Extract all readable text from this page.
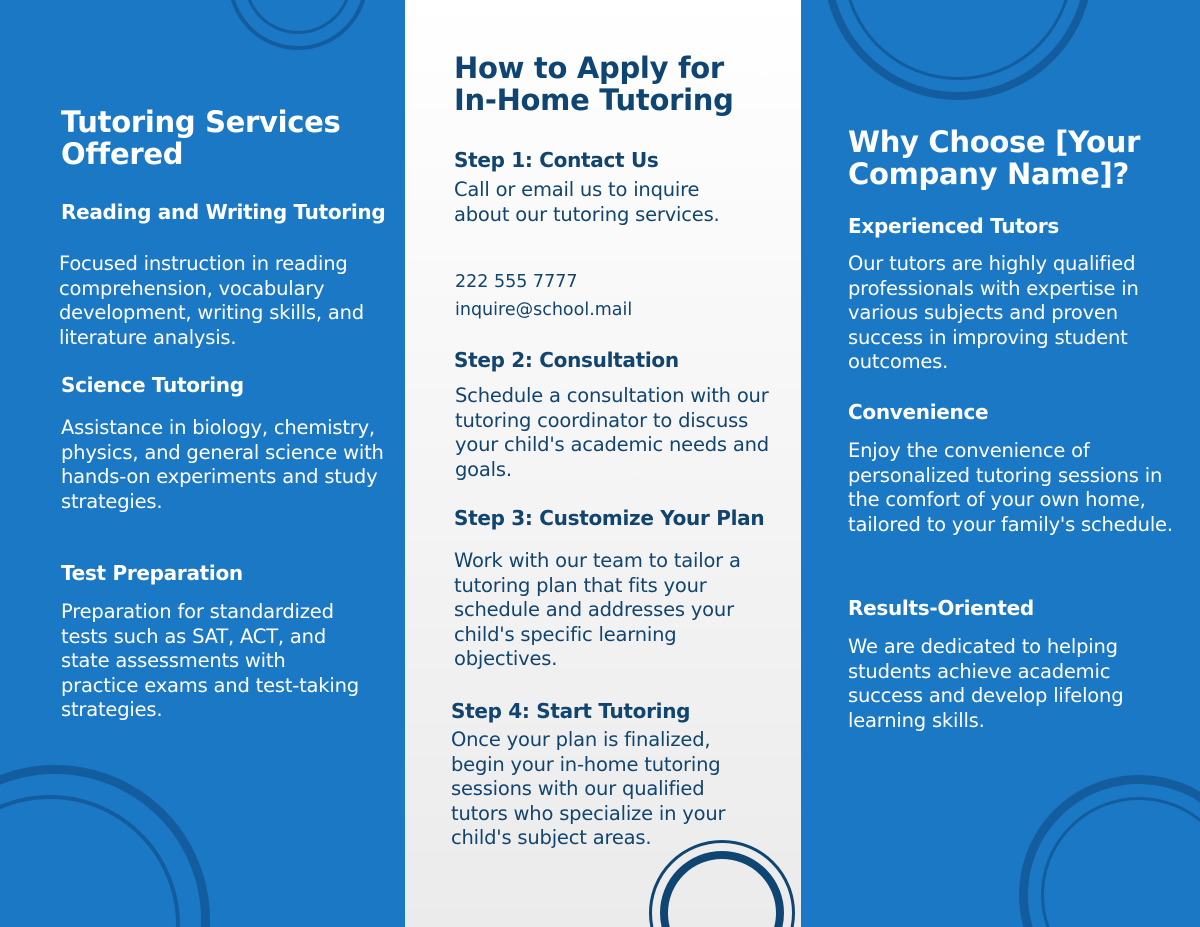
Tutoring Services Offered
Reading and Writing Tutoring

Focused instruction in reading comprehension, vocabulary development, writing skills, and literature analysis.

Science Tutoring

Assistance in biology, chemistry, physics, and general science with hands-on experiments and study strategies.

Test Preparation

Preparation for standardized tests such as SAT, ACT, and state assessments with practice exams and test-taking strategies.

How to Apply for In-Home Tutoring
Step 1: Contact Us

Call or email us to inquire about our tutoring services.

222 555 7777

inquire@school.mail

Step 2: Consultation

Schedule a consultation with our tutoring coordinator to discuss your child's academic needs and goals.

Step 3: Customize Your Plan

Work with our team to tailor a tutoring plan that fits your schedule and addresses your child's specific learning objectives.

Step 4: Start Tutoring

Once your plan is finalized, begin your in-home tutoring sessions with our qualified tutors who specialize in your child's subject areas.

Why Choose [Your Company Name]?
Experienced Tutors

Our tutors are highly qualified professionals with expertise in various subjects and proven success in improving student outcomes.

Convenience

Enjoy the convenience of personalized tutoring sessions in the comfort of your own home, tailored to your family's schedule.

Results-Oriented

We are dedicated to helping students achieve academic success and develop lifelong learning skills.
